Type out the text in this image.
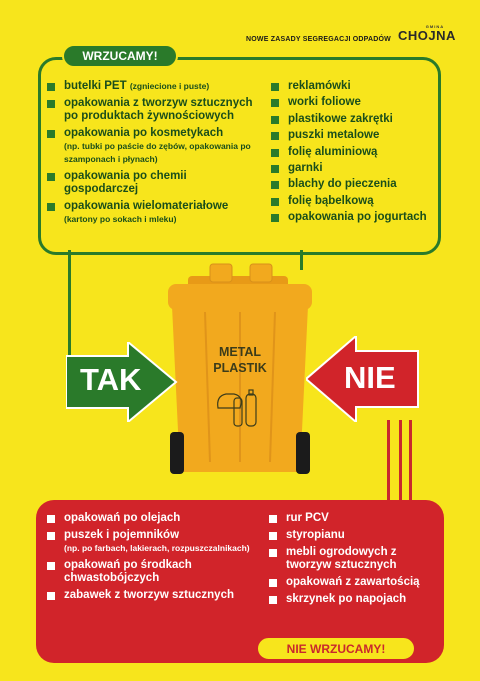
NOWE ZASADY SEGREGACJI ODPADÓW
GMINA
CHOJNA
WRZUCAMY!
butelki PET (zgniecione i puste)
opakowania z tworzyw sztucznych po produktach żywnościowych
opakowania po kosmetykach
(np. tubki po paście do zębów, opakowania po szamponach i płynach)
opakowania po chemii gospodarczej
opakowania wielomateriałowe
(kartony po sokach i mleku)
reklamówki
worki foliowe
plastikowe zakrętki
puszki metalowe
folię aluminiową
garnki
blachy do pieczenia
folię bąbelkową
opakowania po jogurtach
METAL
PLASTIK
TAK	NIE
opakowań po olejach
puszek i pojemników
(np. po farbach, lakierach, rozpuszczalnikach)
opakowań po środkach chwastobójczych
zabawek z tworzyw sztucznych
rur PCV
styropianu
mebli ogrodowych z tworzyw sztucznych
opakowań z zawartością
skrzynek po napojach
NIE WRZUCAMY!
